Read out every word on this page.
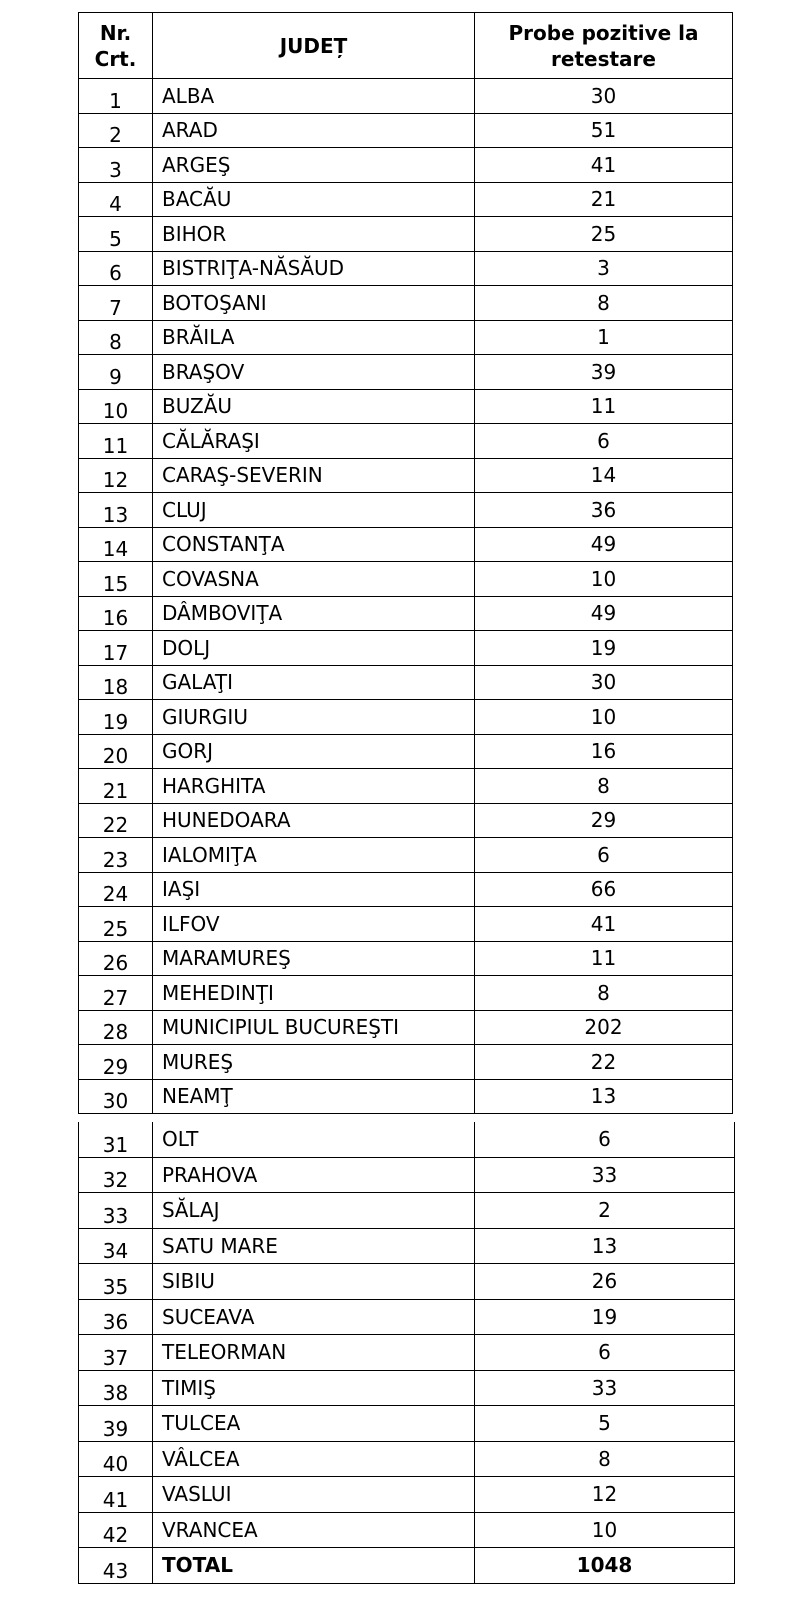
Nr. Crt.	JUDEȚ	Probe pozitive la retestare
1	ALBA	30
2	ARAD	51
3	ARGEŞ	41
4	BACĂU	21
5	BIHOR	25
6	BISTRIŢA-NĂSĂUD	3
7	BOTOŞANI	8
8	BRĂILA	1
9	BRAŞOV	39
10	BUZĂU	11
11	CĂLĂRAŞI	6
12	CARAŞ-SEVERIN	14
13	CLUJ	36
14	CONSTANŢA	49
15	COVASNA	10
16	DÂMBOVIŢA	49
17	DOLJ	19
18	GALAŢI	30
19	GIURGIU	10
20	GORJ	16
21	HARGHITA	8
22	HUNEDOARA	29
23	IALOMIŢA	6
24	IAŞI	66
25	ILFOV	41
26	MARAMUREŞ	11
27	MEHEDINŢI	8
28	MUNICIPIUL BUCUREŞTI	202
29	MUREŞ	22
30	NEAMŢ	13
31	OLT	6
32	PRAHOVA	33
33	SĂLAJ	2
34	SATU MARE	13
35	SIBIU	26
36	SUCEAVA	19
37	TELEORMAN	6
38	TIMIŞ	33
39	TULCEA	5
40	VÂLCEA	8
41	VASLUI	12
42	VRANCEA	10
43	TOTAL	1048
